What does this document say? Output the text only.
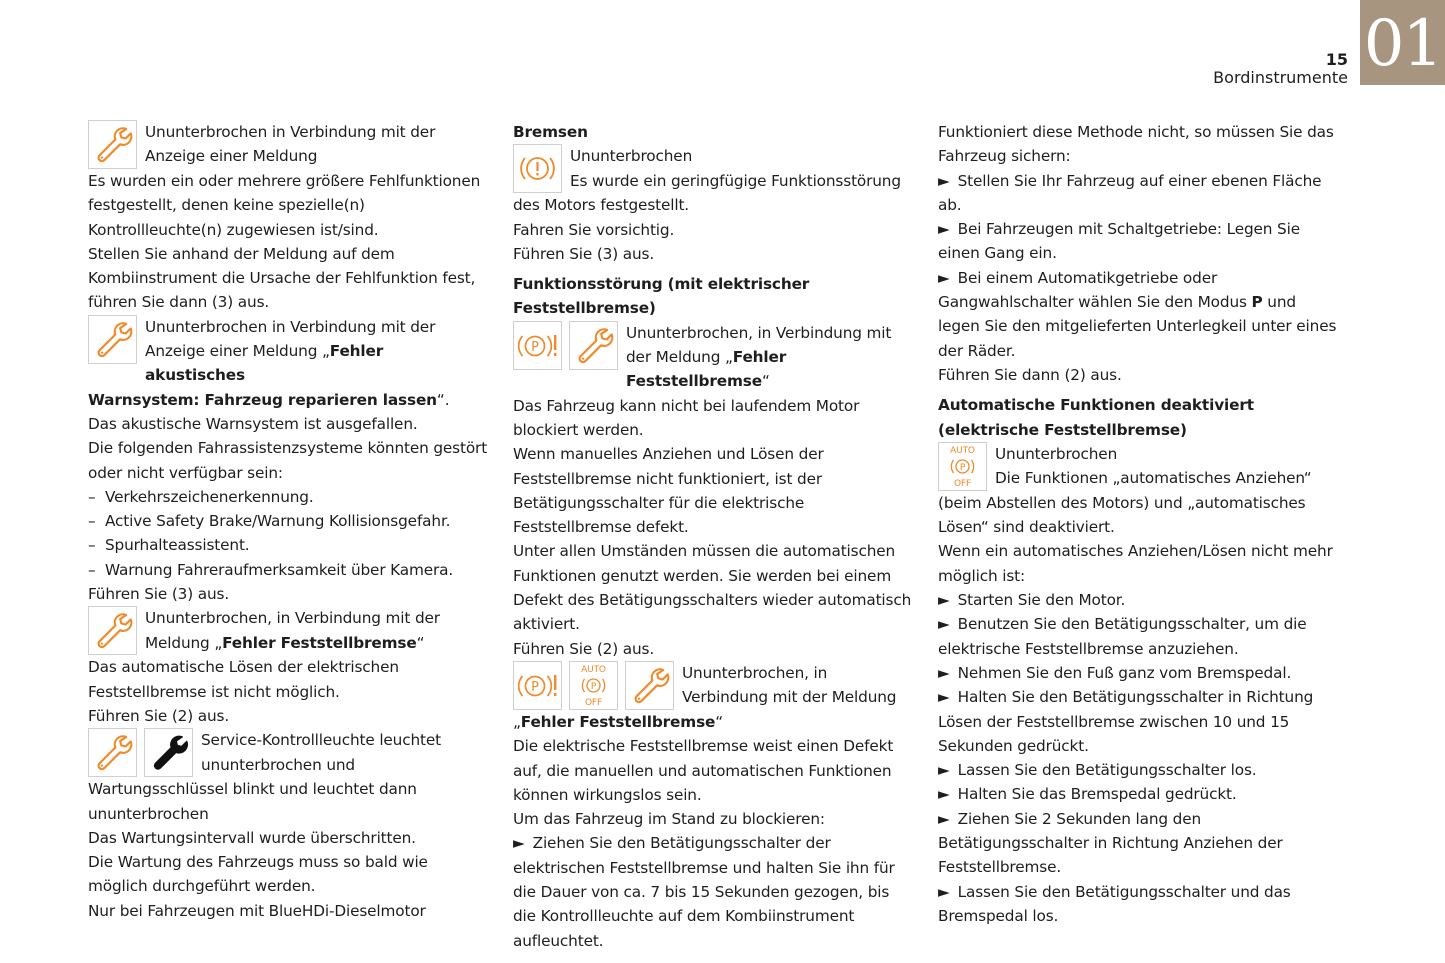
15
Bordinstrumente 01

Ununterbrochen in Verbindung mit der

Anzeige einer Meldung

Es wurden ein oder mehrere größere Fehlfunktionen festgestellt, denen keine spezielle(n) Kontrollleuchte(n) zugewiesen ist/sind.

Stellen Sie anhand der Meldung auf dem Kombiinstrument die Ursache der Fehlfunktion fest, führen Sie dann (3) aus.

Ununterbrochen in Verbindung mit der

Anzeige einer Meldung „Fehler akustisches

Warnsystem: Fahrzeug reparieren lassen“.

Das akustische Warnsystem ist ausgefallen.

Die folgenden Fahrassistenzsysteme könnten gestört oder nicht verfügbar sein:

– Verkehrszeichenerkennung.

– Active Safety Brake/Warnung Kollisionsgefahr.

– Spurhalteassistent.

– Warnung Fahreraufmerksamkeit über Kamera.

Führen Sie (3) aus.

Ununterbrochen, in Verbindung mit der

Meldung „Fehler Feststellbremse“

Das automatische Lösen der elektrischen Feststellbremse ist nicht möglich.

Führen Sie (2) aus.

Service-Kontrollleuchte leuchtet

ununterbrochen und

Wartungsschlüssel blinkt und leuchtet dann ununterbrochen

Das Wartungsintervall wurde überschritten.

Die Wartung des Fahrzeugs muss so bald wie möglich durchgeführt werden.

Nur bei Fahrzeugen mit BlueHDi-Dieselmotor

Bremsen

Ununterbrochen

Es wurde ein geringfügige Funktionsstörung

des Motors festgestellt.

Fahren Sie vorsichtig.

Führen Sie (3) aus.

Funktionsstörung (mit elektrischer Feststellbremse)
P

Ununterbrochen, in Verbindung mit

der Meldung „Fehler Feststellbremse“

Das Fahrzeug kann nicht bei laufendem Motor blockiert werden.

Wenn manuelles Anziehen und Lösen der Feststellbremse nicht funktioniert, ist der Betätigungsschalter für die elektrische Feststellbremse defekt.

Unter allen Umständen müssen die automatischen Funktionen genutzt werden. Sie werden bei einem Defekt des Betätigungsschalters wieder automatisch aktiviert.

Führen Sie (2) aus.

P
AUTO
P
OFF

Ununterbrochen, in

Verbindung mit der Meldung

„Fehler Feststellbremse“

Die elektrische Feststellbremse weist einen Defekt auf, die manuellen und automatischen Funktionen können wirkungslos sein.

Um das Fahrzeug im Stand zu blockieren:

► Ziehen Sie den Betätigungsschalter der elektrischen Feststellbremse und halten Sie ihn für die Dauer von ca. 7 bis 15 Sekunden gezogen, bis die Kontrollleuchte auf dem Kombiinstrument aufleuchtet.

Funktioniert diese Methode nicht, so müssen Sie das Fahrzeug sichern:

► Stellen Sie Ihr Fahrzeug auf einer ebenen Fläche ab.

► Bei Fahrzeugen mit Schaltgetriebe: Legen Sie einen Gang ein.

► Bei einem Automatikgetriebe oder Gangwahlschalter wählen Sie den Modus P und legen Sie den mitgelieferten Unterlegkeil unter eines der Räder.

Führen Sie dann (2) aus.

Automatische Funktionen deaktiviert (elektrische Feststellbremse)
AUTO
P
OFF

Ununterbrochen

Die Funktionen „automatisches Anziehen“

(beim Abstellen des Motors) und „automatisches Lösen“ sind deaktiviert.

Wenn ein automatisches Anziehen/Lösen nicht mehr möglich ist:

► Starten Sie den Motor.

► Benutzen Sie den Betätigungsschalter, um die elektrische Feststellbremse anzuziehen.

► Nehmen Sie den Fuß ganz vom Bremspedal.

► Halten Sie den Betätigungsschalter in Richtung Lösen der Feststellbremse zwischen 10 und 15 Sekunden gedrückt.

► Lassen Sie den Betätigungsschalter los.

► Halten Sie das Bremspedal gedrückt.

► Ziehen Sie 2 Sekunden lang den Betätigungsschalter in Richtung Anziehen der Feststellbremse.

► Lassen Sie den Betätigungsschalter und das Bremspedal los.
